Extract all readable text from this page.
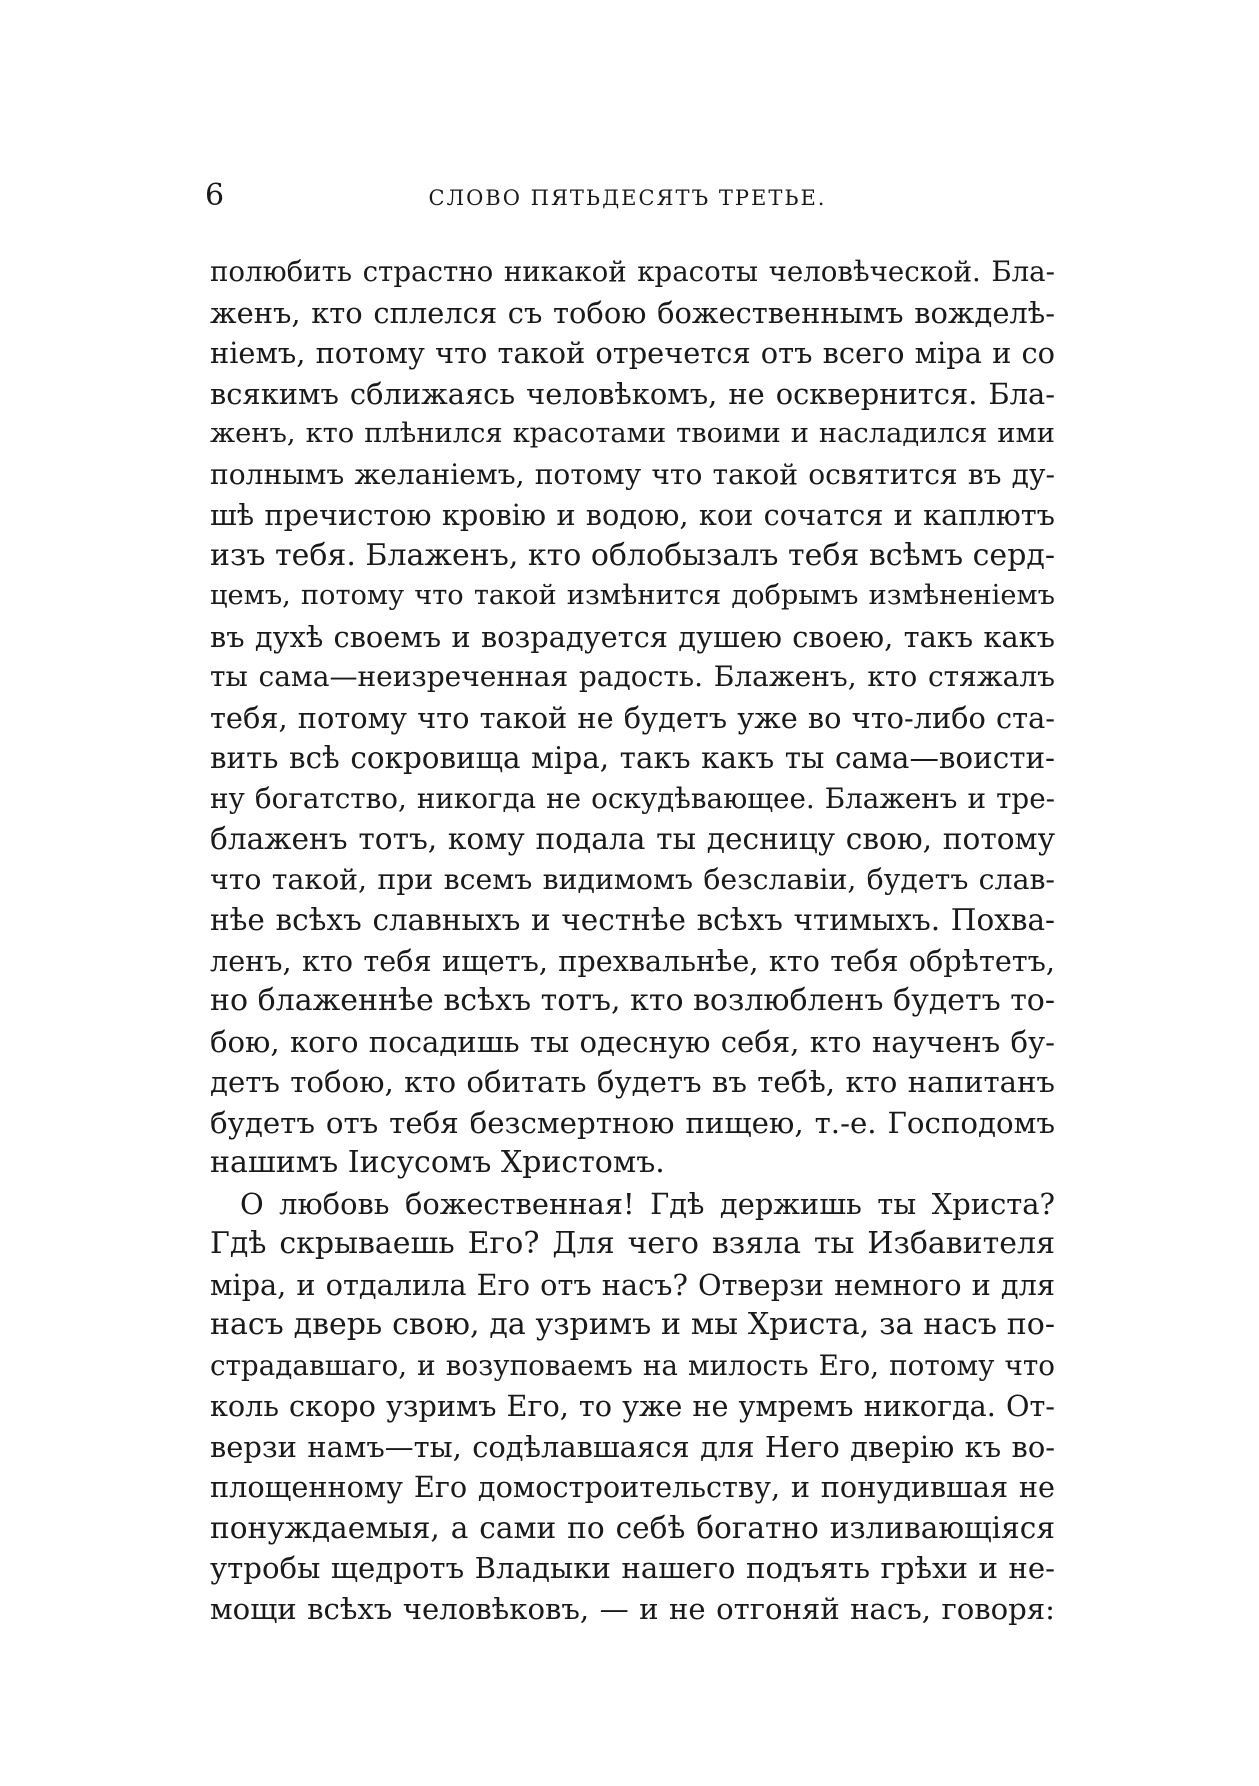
6	СЛОВО ПЯТЬДЕСЯТЪ ТРЕТЬЕ.
полюбить страстно никакой красоты человѣческой. Бла-
женъ, кто сплелся съ тобою божественнымъ вожделѣ-
ніемъ, потому что такой отречется отъ всего міра и со
всякимъ сближаясь человѣкомъ, не осквернится. Бла-
женъ, кто плѣнился красотами твоими и насладился ими
полнымъ желаніемъ, потому что такой освятится въ ду-
шѣ пречистою кровію и водою, кои сочатся и каплютъ
изъ тебя. Блаженъ, кто облобызалъ тебя всѣмъ серд-
цемъ, потому что такой измѣнится добрымъ измѣненіемъ
въ духѣ своемъ и возрадуется душею своею, такъ какъ
ты сама—неизреченная радость. Блаженъ, кто стяжалъ
тебя, потому что такой не будетъ уже во что-либо ста-
вить всѣ сокровища міра, такъ какъ ты сама—воисти-
ну богатство, никогда не оскудѣвающее. Блаженъ и тре-
блаженъ тотъ, кому подала ты десницу свою, потому
что такой, при всемъ видимомъ безславіи, будетъ слав-
нѣе всѣхъ славныхъ и честнѣе всѣхъ чтимыхъ. Похва-
ленъ, кто тебя ищетъ, прехвальнѣе, кто тебя обрѣтетъ,
но блаженнѣе всѣхъ тотъ, кто возлюбленъ будетъ то-
бою, кого посадишь ты одесную себя, кто наученъ бу-
детъ тобою, кто обитать будетъ въ тебѣ, кто напитанъ
будетъ отъ тебя безсмертною пищею, т.-е. Господомъ
нашимъ Іисусомъ Христомъ.
О любовь божественная! Гдѣ держишь ты Христа?
Гдѣ скрываешь Его? Для чего взяла ты Избавителя
міра, и отдалила Его отъ насъ? Отверзи немного и для
насъ дверь свою, да узримъ и мы Христа, за насъ по-
страдавшаго, и возуповаемъ на милость Его, потому что
коль скоро узримъ Его, то уже не умремъ никогда. От-
верзи намъ—ты, содѣлавшаяся для Него дверію къ во-
площенному Его домостроительству, и понудившая не
понуждаемыя, а сами по себѣ богатно изливающіяся
утробы щедротъ Владыки нашего подъять грѣхи и не-
мощи всѣхъ человѣковъ, — и не отгоняй насъ, говоря:
